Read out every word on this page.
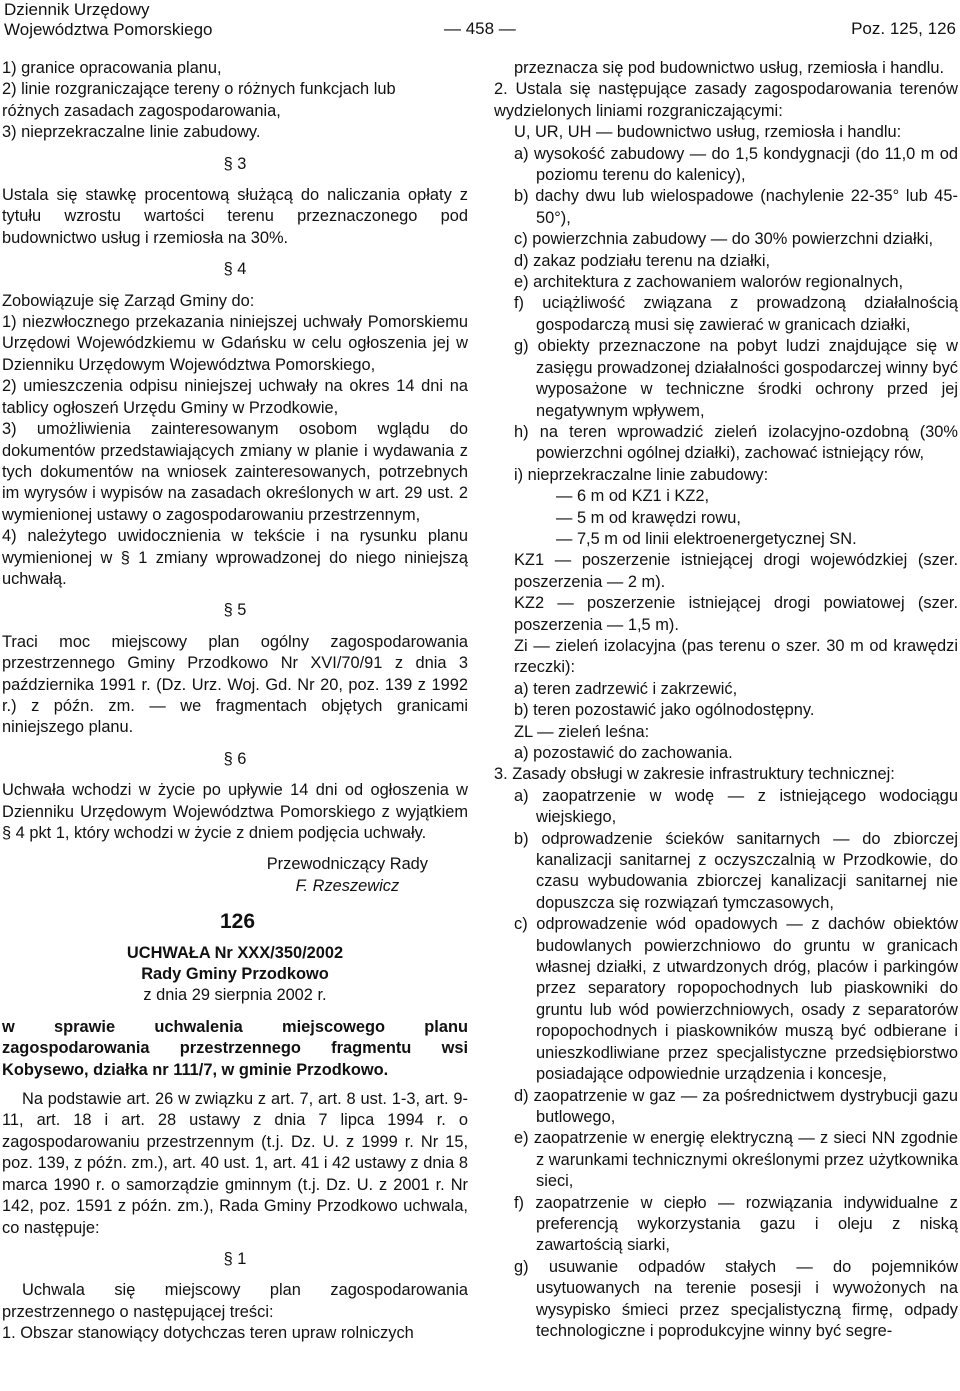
Dziennik Urzędowy
Województwa Pomorskiego	— 458 —	Poz. 125, 126

1) granice opracowania planu,
2) linie rozgraniczające tereny o różnych funkcjach lub
różnych zasadach zagospodarowania,
3) nieprzekraczalne linie zabudowy.

§ 3

Ustala się stawkę procentową służącą do naliczania opłaty z tytułu wzrostu wartości terenu przeznaczonego pod budownictwo usług i rzemiosła na 30%.

§ 4

Zobowiązuje się Zarząd Gminy do:

1) niezwłocznego przekazania niniejszej uchwały Pomorskiemu Urzędowi Wojewódzkiemu w Gdańsku w celu ogłoszenia jej w Dzienniku Urzędowym Województwa Pomorskiego,

2) umieszczenia odpisu niniejszej uchwały na okres 14 dni na tablicy ogłoszeń Urzędu Gminy w Przodkowie,

3) umożliwienia zainteresowanym osobom wglądu do dokumentów przedstawiających zmiany w planie i wydawania z tych dokumentów na wniosek zainteresowanych, potrzebnych im wyrysów i wypisów na zasadach określonych w art. 29 ust. 2 wymienionej ustawy o zagospodarowaniu przestrzennym,

4) należytego uwidocznienia w tekście i na rysunku planu wymienionej w § 1 zmiany wprowadzonej do niego niniejszą uchwałą.

§ 5

Traci moc miejscowy plan ogólny zagospodarowania przestrzennego Gminy Przodkowo Nr XVI/70/91 z dnia 3 października 1991 r. (Dz. Urz. Woj. Gd. Nr 20, poz. 139 z 1992 r.) z późn. zm. — we fragmentach objętych granicami niniejszego planu.

§ 6

Uchwała wchodzi w życie po upływie 14 dni od ogłoszenia w Dzienniku Urzędowym Województwa Pomorskiego z wyjątkiem § 4 pkt 1, który wchodzi w życie z dniem podjęcia uchwały.

Przewodniczący Rady
F. Rzeszewicz
126
UCHWAŁA Nr XXX/350/2002
Rady Gminy Przodkowo
z dnia 29 sierpnia 2002 r.

w sprawie uchwalenia miejscowego planu zagospodarowania przestrzennego fragmentu wsi Kobysewo, działka nr 111/7, w gminie Przodkowo.

Na podstawie art. 26 w związku z art. 7, art. 8 ust. 1-3, art. 9-11, art. 18 i art. 28 ustawy z dnia 7 lipca 1994 r. o zagospodarowaniu przestrzennym (t.j. Dz. U. z 1999 r. Nr 15, poz. 139, z późn. zm.), art. 40 ust. 1, art. 41 i 42 ustawy z dnia 8 marca 1990 r. o samorządzie gminnym (t.j. Dz. U. z 2001 r. Nr 142, poz. 1591 z późn. zm.), Rada Gminy Przodkowo uchwala, co następuje:

§ 1

Uchwala się miejscowy plan zagospodarowania przestrzennego o następującej treści:

1. Obszar stanowiący dotychczas teren upraw rolniczych

przeznacza się pod budownictwo usług, rzemiosła i handlu.

2. Ustala się następujące zasady zagospodarowania terenów wydzielonych liniami rozgraniczającymi:

U, UR, UH — budownictwo usług, rzemiosła i handlu:

a) wysokość zabudowy — do 1,5 kondygnacji (do 11,0 m od poziomu terenu do kalenicy),

b) dachy dwu lub wielospadowe (nachylenie 22-35° lub 45-50°),

c) powierzchnia zabudowy — do 30% powierzchni działki,

d) zakaz podziału terenu na działki,

e) architektura z zachowaniem walorów regionalnych,

f) uciążliwość związana z prowadzoną działalnością gospodarczą musi się zawierać w granicach działki,

g) obiekty przeznaczone na pobyt ludzi znajdujące się w zasięgu prowadzonej działalności gospodarczej winny być wyposażone w techniczne środki ochrony przed jej negatywnym wpływem,

h) na teren wprowadzić zieleń izolacyjno-ozdobną (30% powierzchni ogólnej działki), zachować istniejący rów,

i) nieprzekraczalne linie zabudowy:

— 6 m od KZ1 i KZ2,

— 5 m od krawędzi rowu,

— 7,5 m od linii elektroenergetycznej SN.

KZ1 — poszerzenie istniejącej drogi wojewódzkiej (szer. poszerzenia — 2 m).

KZ2 — poszerzenie istniejącej drogi powiatowej (szer. poszerzenia — 1,5 m).

Zi — zieleń izolacyjna (pas terenu o szer. 30 m od krawędzi rzeczki):

a) teren zadrzewić i zakrzewić,

b) teren pozostawić jako ogólnodostępny.

ZL — zieleń leśna:

a) pozostawić do zachowania.

3. Zasady obsługi w zakresie infrastruktury technicznej:

a) zaopatrzenie w wodę — z istniejącego wodociągu wiejskiego,

b) odprowadzenie ścieków sanitarnych — do zbiorczej kanalizacji sanitarnej z oczyszczalnią w Przodkowie, do czasu wybudowania zbiorczej kanalizacji sanitarnej nie dopuszcza się rozwiązań tymczasowych,

c) odprowadzenie wód opadowych — z dachów obiektów budowlanych powierzchniowo do gruntu w granicach własnej działki, z utwardzonych dróg, placów i parkingów przez separatory ropopochodnych lub piaskowniki do gruntu lub wód powierzchniowych, osady z separatorów ropopochodnych i piaskowników muszą być odbierane i unieszkodliwiane przez specjalistyczne przedsiębiorstwo posiadające odpowiednie urządzenia i koncesje,

d) zaopatrzenie w gaz — za pośrednictwem dystrybucji gazu butlowego,

e) zaopatrzenie w energię elektryczną — z sieci NN zgodnie z warunkami technicznymi określonymi przez użytkownika sieci,

f) zaopatrzenie w ciepło — rozwiązania indywidualne z preferencją wykorzystania gazu i oleju z niską zawartością siarki,

g) usuwanie odpadów stałych — do pojemników usytuowanych na terenie posesji i wywożonych na wysypisko śmieci przez specjalistyczną firmę, odpady technologiczne i poprodukcyjne winny być segre-
